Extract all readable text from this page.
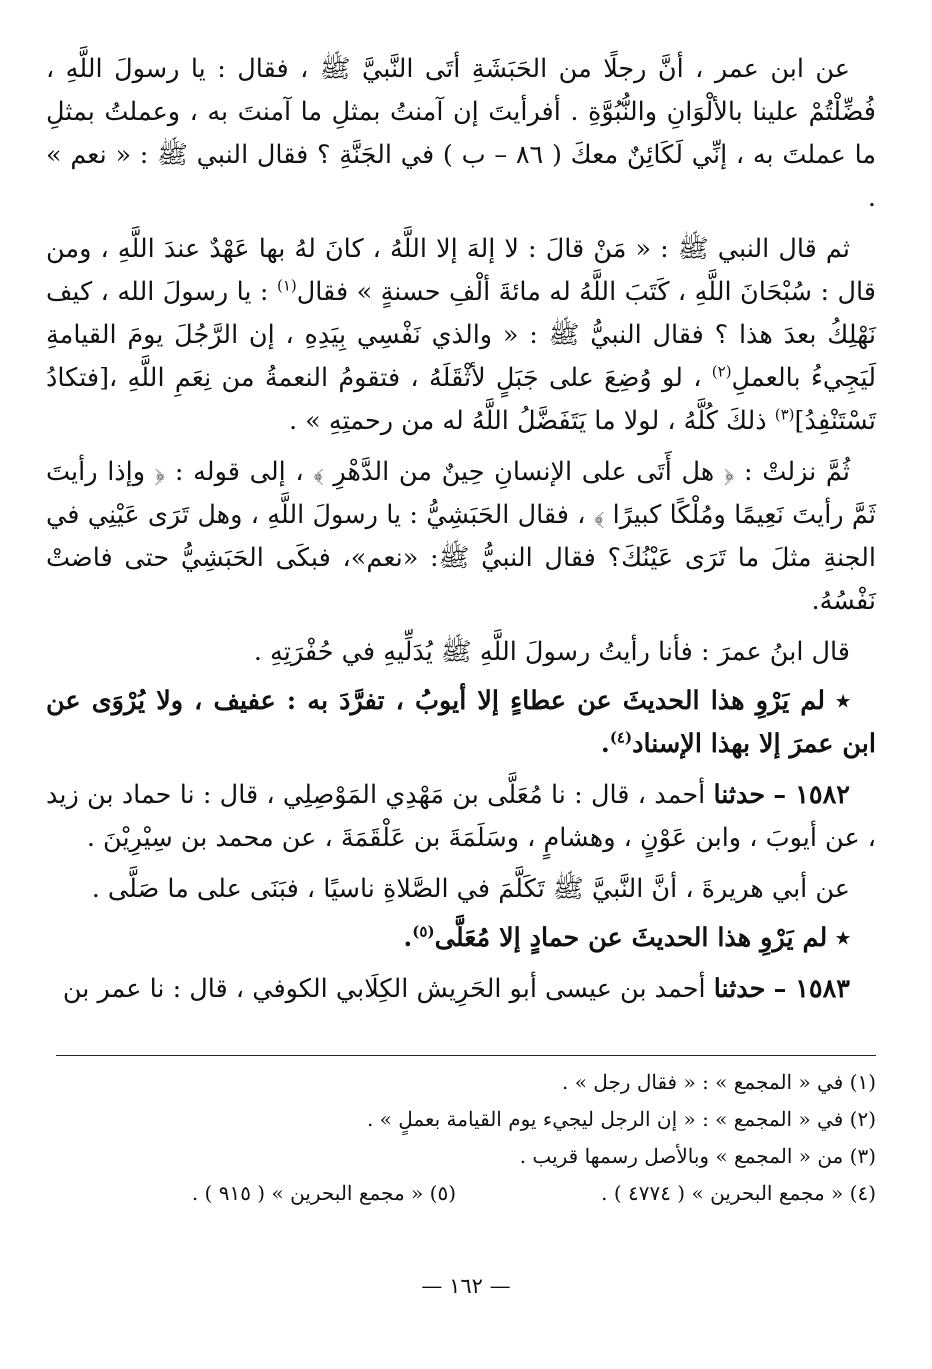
عن ابن عمر ، أنَّ رجلًا من الحَبَشَةِ أتَى النَّبيَّ ﷺ ، فقال : يا رسولَ اللَّهِ ، فُضِّلْتُمْ علينا بالألْوَانِ والنُّبُوَّةِ . أفرأيتَ إن آمنتُ بمثلِ ما آمنتَ به ، وعملتُ بمثلِ ما عملتَ به ، إنِّي لَكَائِنٌ معكَ ( ٨٦ – ب ) في الجَنَّةِ ؟ فقال النبي ﷺ : « نعم » .

ثم قال النبي ﷺ : « مَنْ قالَ : لا إلهَ إلا اللَّهُ ، كانَ لهُ بها عَهْدٌ عندَ اللَّهِ ، ومن قال : سُبْحَانَ اللَّهِ ، كَتَبَ اللَّهُ له مائةَ ألْفِ حسنةٍ » فقال$^{(١)}$ : يا رسولَ الله ، كيف نَهْلِكُ بعدَ هذا ؟ فقال النبيُّ ﷺ : « والذي نَفْسِي بِيَدِهِ ، إن الرَّجُلَ يومَ القيامةِ لَيَجِيءُ بالعملِ$^{(٢)}$ ، لو وُضِعَ على جَبَلٍ لأثْقَلَهُ ، فتقومُ النعمةُ من نِعَمِ اللَّهِ ،[فتكادُ تَسْتَنْفِدُ]$^{(٣)}$ ذلكَ كُلَّهُ ، لولا ما يَتَفَضَّلُ اللَّهُ له من رحمتِهِ » .

ثُمَّ نزلتْ : ﴿ هل أَتَى على الإنسانِ حِينٌ من الدَّهْرِ ﴾ ، إلى قوله : ﴿ وإذا رأيتَ ثَمَّ رأيتَ نَعِيمًا ومُلْكًا كبيرًا ﴾ ، فقال الحَبَشِيُّ : يا رسولَ اللَّهِ ، وهل تَرَى عَيْنِي في الجنةِ مثلَ ما تَرَى عَيْنُكَ؟ فقال النبيُّ ﷺ: «نعم»، فبكَى الحَبَشِيُّ حتى فاضتْ نَفْسُهُ.

قال ابنُ عمرَ : فأنا رأيتُ رسولَ اللَّهِ ﷺ يُدَلِّيهِ في حُفْرَتِهِ .

٭ لم يَرْوِ هذا الحديثَ عن عطاءٍ إلا أيوبُ ، تفرَّدَ به : عفيف ، ولا يُرْوَى عن ابن عمرَ إلا بهذا الإسناد$^{(٤)}$.

١٥٨٢ – حدثنا أحمد ، قال : نا مُعَلَّى بن مَهْدِي المَوْصِلِي ، قال : نا حماد بن زيد ، عن أيوبَ ، وابن عَوْنٍ ، وهشامٍ ، وسَلَمَةَ بن عَلْقَمَةَ ، عن محمد بن سِيْرِيْنَ .

عن أبي هريرةَ ، أنَّ النَّبيَّ ﷺ تَكَلَّمَ في الصَّلاةِ ناسيًا ، فبَنَى على ما صَلَّى .

٭ لم يَرْوِ هذا الحديثَ عن حمادٍ إلا مُعَلَّى$^{(٥)}$.

١٥٨٣ – حدثنا أحمد بن عيسى أبو الحَرِيش الكِلَابي الكوفي ، قال : نا عمر بن

(١) في « المجمع » : « فقال رجل » .

(٢) في « المجمع » : « إن الرجل ليجيء يوم القيامة بعملٍ » .

(٣) من « المجمع » وبالأصل رسمها قريب .

(٤) « مجمع البحرين » ( ٤٧٧٤ ) .

(٥) « مجمع البحرين » ( ٩١٥ ) .

— ١٦٢ —
